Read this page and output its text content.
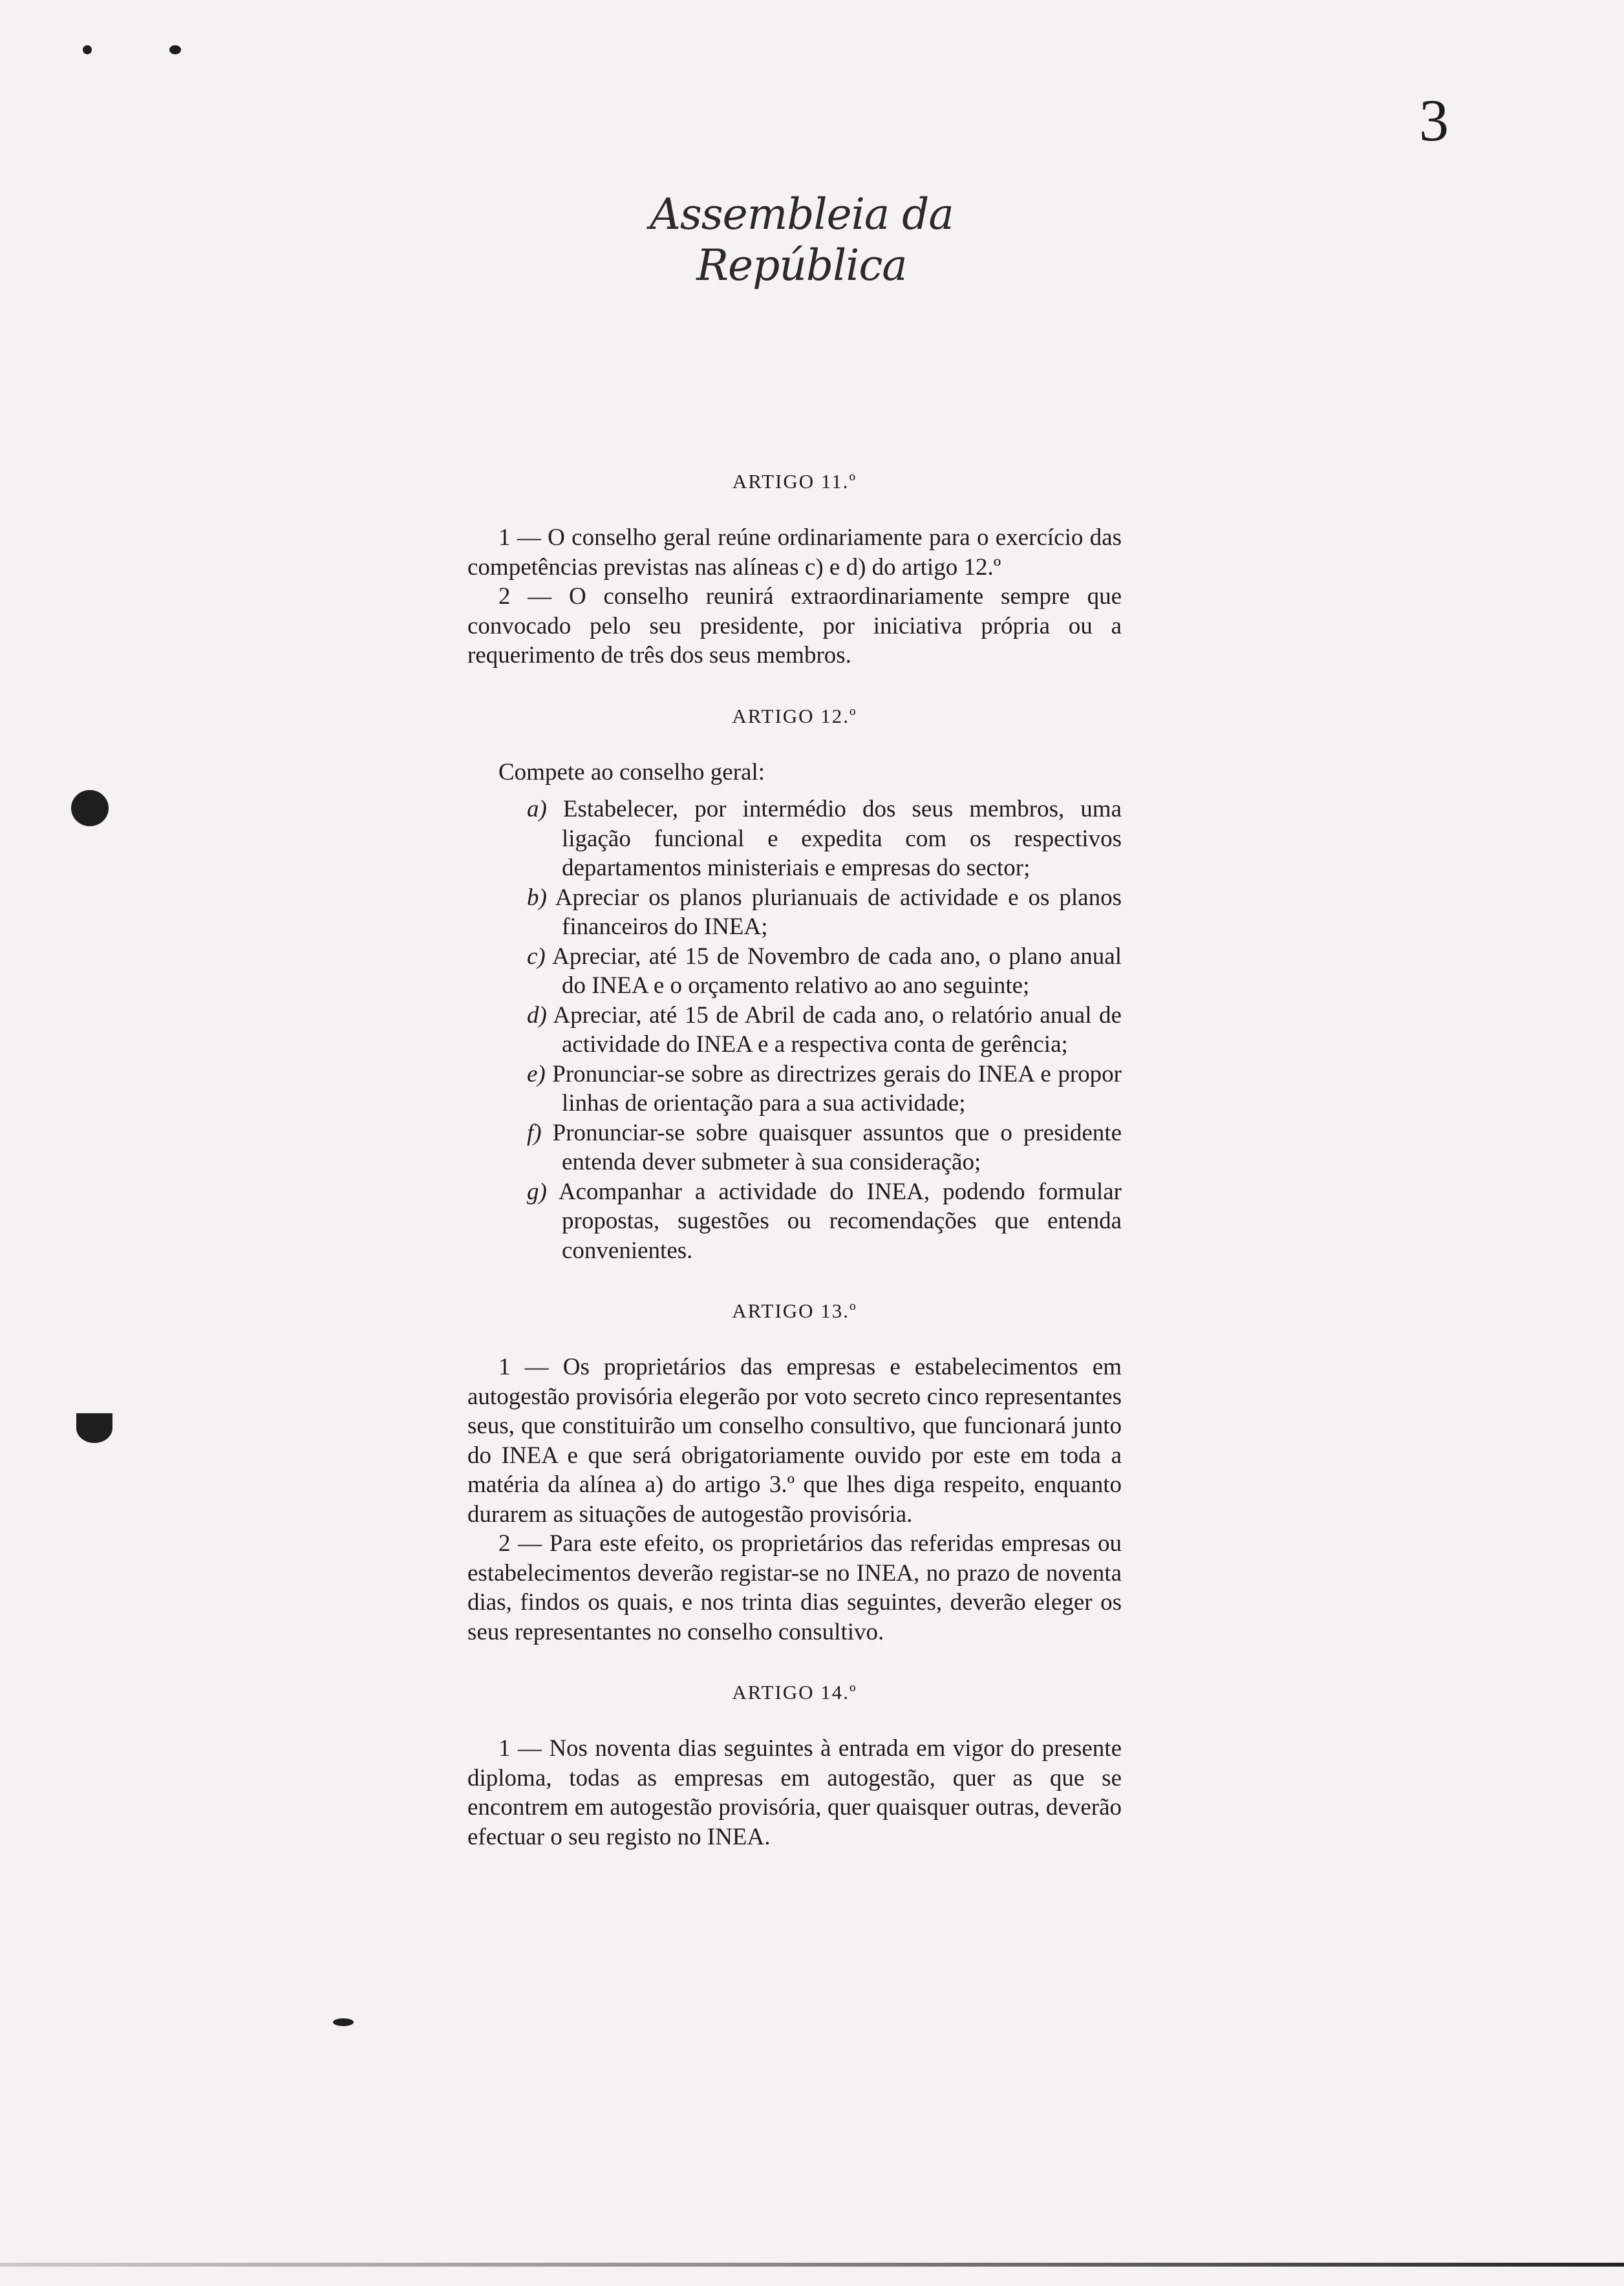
3
Assembleia da República
ARTIGO 11.º

1 — O conselho geral reúne ordinariamente para o exercício das competências previstas nas alíneas c) e d) do artigo 12.º

2 — O conselho reunirá extraordinariamente sempre que convocado pelo seu presidente, por iniciativa própria ou a requerimento de três dos seus membros.

ARTIGO 12.º

Compete ao conselho geral:

a) Estabelecer, por intermédio dos seus membros, uma ligação funcional e expedita com os respectivos departamentos ministeriais e empresas do sector;
b) Apreciar os planos plurianuais de actividade e os planos financeiros do INEA;
c) Apreciar, até 15 de Novembro de cada ano, o plano anual do INEA e o orçamento relativo ao ano seguinte;
d) Apreciar, até 15 de Abril de cada ano, o relatório anual de actividade do INEA e a respectiva conta de gerência;
e) Pronunciar-se sobre as directrizes gerais do INEA e propor linhas de orientação para a sua actividade;
f) Pronunciar-se sobre quaisquer assuntos que o presidente entenda dever submeter à sua consideração;
g) Acompanhar a actividade do INEA, podendo formular propostas, sugestões ou recomendações que entenda convenientes.
ARTIGO 13.º

1 — Os proprietários das empresas e estabelecimentos em autogestão provisória elegerão por voto secreto cinco representantes seus, que constituirão um conselho consultivo, que funcionará junto do INEA e que será obrigatoriamente ouvido por este em toda a matéria da alínea a) do artigo 3.º que lhes diga respeito, enquanto durarem as situações de autogestão provisória.

2 — Para este efeito, os proprietários das referidas empresas ou estabelecimentos deverão registar-se no INEA, no prazo de noventa dias, findos os quais, e nos trinta dias seguintes, deverão eleger os seus representantes no conselho consultivo.

ARTIGO 14.º

1 — Nos noventa dias seguintes à entrada em vigor do presente diploma, todas as empresas em autogestão, quer as que se encontrem em autogestão provisória, quer quaisquer outras, deverão efectuar o seu registo no INEA.
